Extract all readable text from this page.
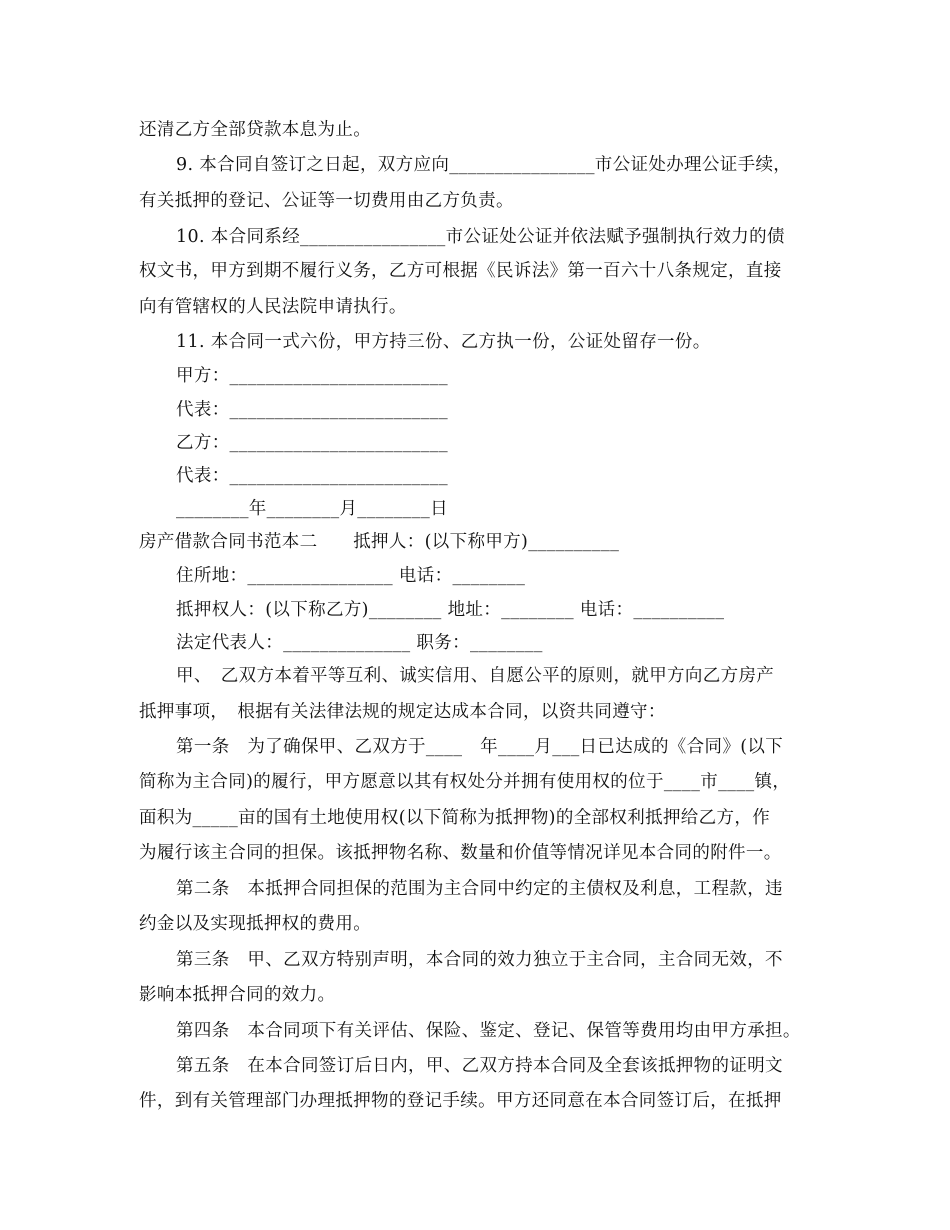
还清乙方全部贷款本息为止。
9. 本合同自签订之日起，双方应向________________市公证处办理公证手续，
有关抵押的登记、公证等一切费用由乙方负责。
10. 本合同系经________________市公证处公证并依法赋予强制执行效力的债
权文书，甲方到期不履行义务，乙方可根据《民诉法》第一百六十八条规定，直接
向有管辖权的人民法院申请执行。
11. 本合同一式六份，甲方持三份、乙方执一份，公证处留存一份。
甲方：________________________
代表：________________________
乙方：________________________
代表：________________________
________年________月________日
房产借款合同书范本二　　抵押人：(以下称甲方)__________
住所地：________________ 电话：________
抵押权人：(以下称乙方)________ 地址：________ 电话：__________
法定代表人：______________ 职务：________
甲、　乙双方本着平等互利、诚实信用、自愿公平的原则，就甲方向乙方房产
抵押事项，　根据有关法律法规的规定达成本合同，以资共同遵守：
第一条　为了确保甲、乙双方于____　年____月___日已达成的《合同》(以下
简称为主合同)的履行，甲方愿意以其有权处分并拥有使用权的位于____市____镇，
面积为_____亩的国有土地使用权(以下简称为抵押物)的全部权利抵押给乙方，作
为履行该主合同的担保。该抵押物名称、数量和价值等情况详见本合同的附件一。
第二条　本抵押合同担保的范围为主合同中约定的主债权及利息，工程款，违
约金以及实现抵押权的费用。
第三条　甲、乙双方特别声明，本合同的效力独立于主合同，主合同无效，不
影响本抵押合同的效力。
第四条　本合同项下有关评估、保险、鉴定、登记、保管等费用均由甲方承担。
第五条　在本合同签订后日内，甲、乙双方持本合同及全套该抵押物的证明文
件，到有关管理部门办理抵押物的登记手续。甲方还同意在本合同签订后，在抵押
